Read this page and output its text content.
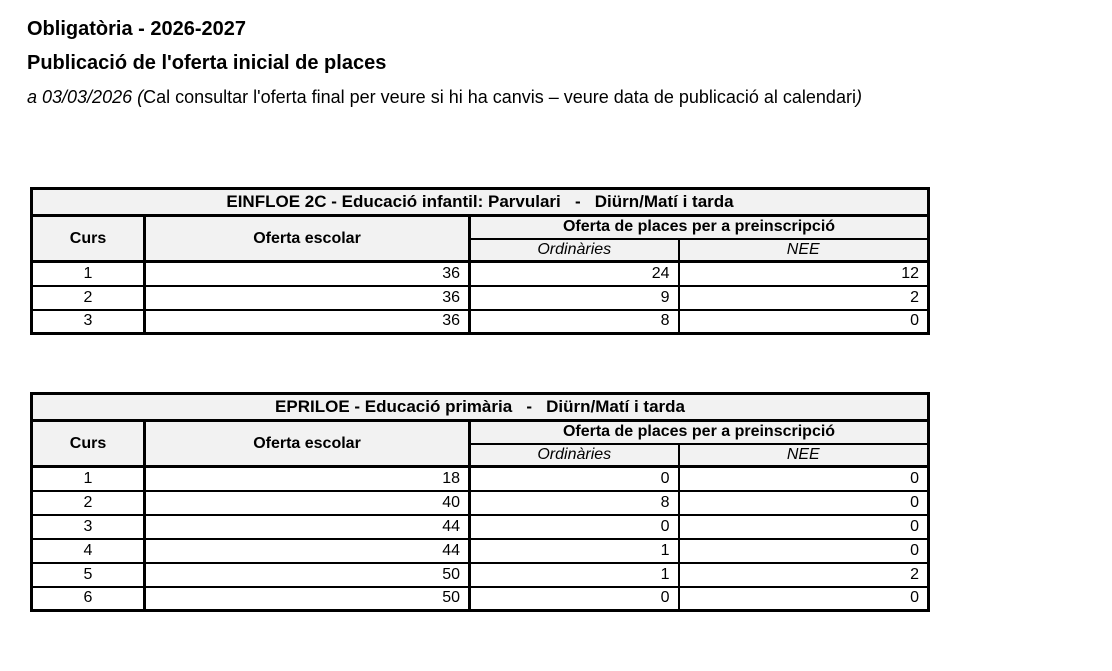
Obligatòria - 2026-2027

Publicació de l'oferta inicial de places

a 03/03/2026 (Cal consultar l'oferta final per veure si hi ha canvis – veure data de publicació al calendari)

EINFLOE 2C - Educació infantil: Parvulari   -   Diürn/Matí i tarda			
Curs	Oferta escolar	Oferta de places per a preinscripció	
		Ordinàries	NEE
1	36	24	12
2	36	9	2
3	36	8	0
EPRILOE - Educació primària   -   Diürn/Matí i tarda			
Curs	Oferta escolar	Oferta de places per a preinscripció	
		Ordinàries	NEE
1	18	0	0
2	40	8	0
3	44	0	0
4	44	1	0
5	50	1	2
6	50	0	0
